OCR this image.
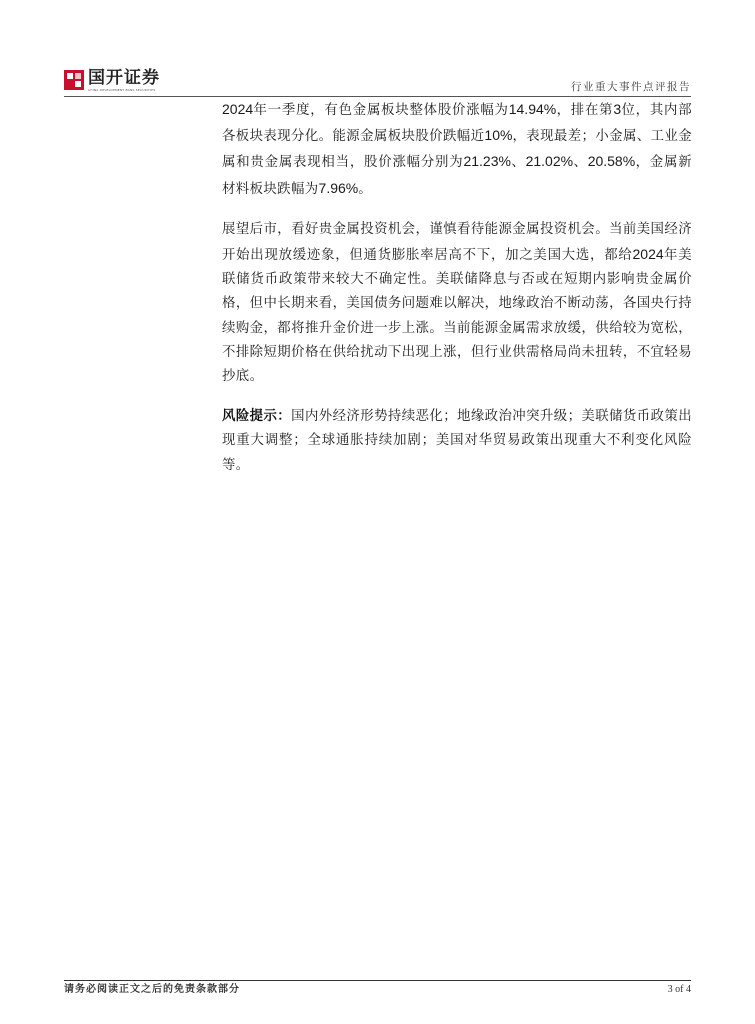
国开证券
CHINA DEVELOPMENT BANK SECURITIES	行业重大事件点评报告

2024年一季度，有色金属板块整体股价涨幅为14.94%，排在第3位，其内部各板块表现分化。能源金属板块股价跌幅近10%，表现最差；小金属、工业金属和贵金属表现相当，股价涨幅分别为21.23%、21.02%、20.58%，金属新材料板块跌幅为7.96%。

展望后市，看好贵金属投资机会，谨慎看待能源金属投资机会。当前美国经济开始出现放缓迹象，但通货膨胀率居高不下，加之美国大选，都给2024年美联储货币政策带来较大不确定性。美联储降息与否或在短期内影响贵金属价格，但中长期来看，美国债务问题难以解决，地缘政治不断动荡，各国央行持续购金，都将推升金价进一步上涨。当前能源金属需求放缓，供给较为宽松，不排除短期价格在供给扰动下出现上涨，但行业供需格局尚未扭转，不宜轻易抄底。

风险提示：国内外经济形势持续恶化；地缘政治冲突升级；美联储货币政策出现重大调整；全球通胀持续加剧；美国对华贸易政策出现重大不利变化风险等。

请务必阅读正文之后的免责条款部分	3 of 4
